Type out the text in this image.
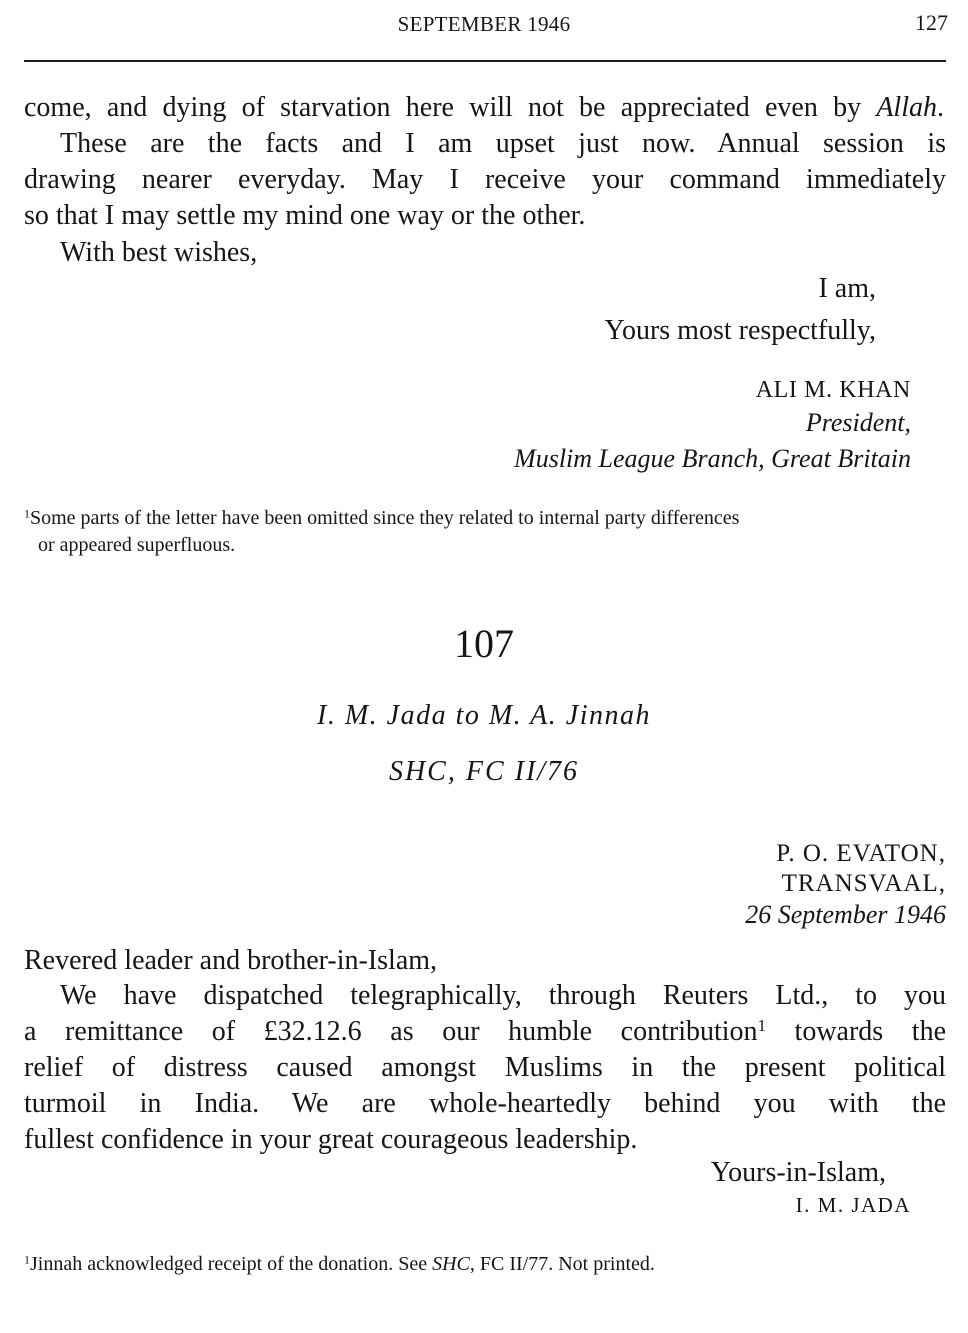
SEPTEMBER 1946	127
come, and dying of starvation here will not be appreciated even by Allah.
These are the facts and I am upset just now. Annual session is
drawing nearer everyday. May I receive your command immediately
so that I may settle my mind one way or the other.
With best wishes,
I am,
Yours most respectfully,
ALI M. KHAN
President,
Muslim League Branch, Great Britain
$^1$Some parts of the letter have been omitted since they related to internal party differences
or appeared superfluous.
107
I. M. Jada to M. A. Jinnah
SHC, FC II/76
P. O. EVATON,
TRANSVAAL,
26 September 1946
Revered leader and brother-in-Islam,
We have dispatched telegraphically, through Reuters Ltd., to you
a remittance of £32.12.6 as our humble contribution$^1$ towards the
relief of distress caused amongst Muslims in the present political
turmoil in India. We are whole-heartedly behind you with the
fullest confidence in your great courageous leadership.
Yours-in-Islam,
I. M. JADA
$^1$Jinnah acknowledged receipt of the donation. See SHC, FC II/77. Not printed.
